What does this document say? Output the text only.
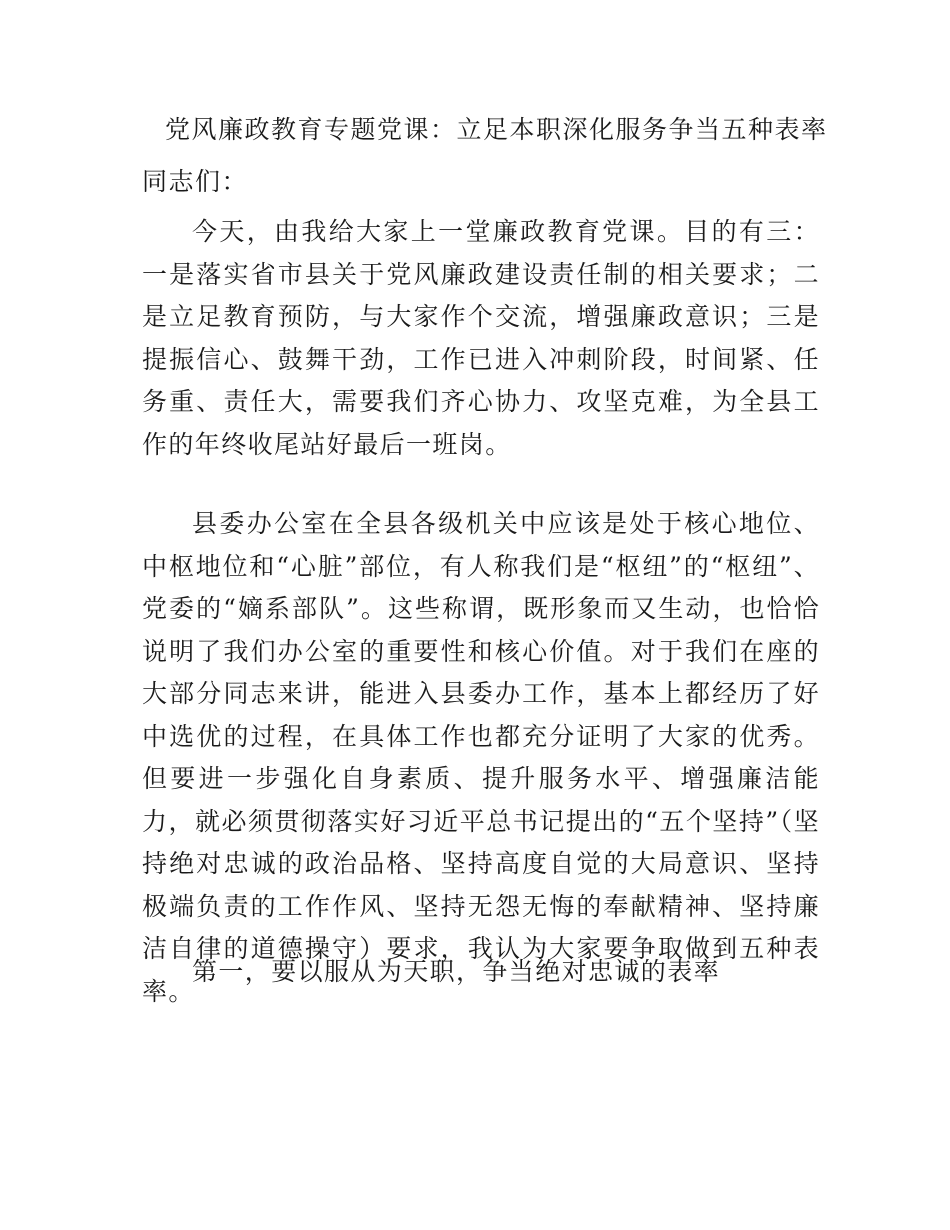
党风廉政教育专题党课：立足本职深化服务争当五种表率

同志们：

今天，由我给大家上一堂廉政教育党课。目的有三：一是落实省市县关于党风廉政建设责任制的相关要求；二是立足教育预防，与大家作个交流，增强廉政意识；三是提振信心、鼓舞干劲，工作已进入冲刺阶段，时间紧、任务重、责任大，需要我们齐心协力、攻坚克难，为全县工作的年终收尾站好最后一班岗。

县委办公室在全县各级机关中应该是处于核心地位、中枢地位和“心脏”部位，有人称我们是“枢纽”的“枢纽”、党委的“嫡系部队”。这些称谓，既形象而又生动，也恰恰说明了我们办公室的重要性和核心价值。对于我们在座的大部分同志来讲，能进入县委办工作，基本上都经历了好中选优的过程，在具体工作也都充分证明了大家的优秀。但要进一步强化自身素质、提升服务水平、增强廉洁能力，就必须贯彻落实好习近平总书记提出的“五个坚持”（坚持绝对忠诚的政治品格、坚持高度自觉的大局意识、坚持极端负责的工作作风、坚持无怨无悔的奉献精神、坚持廉洁自律的道德操守）要求，我认为大家要争取做到五种表率。

第一，要以服从为天职，争当绝对忠诚的表率
